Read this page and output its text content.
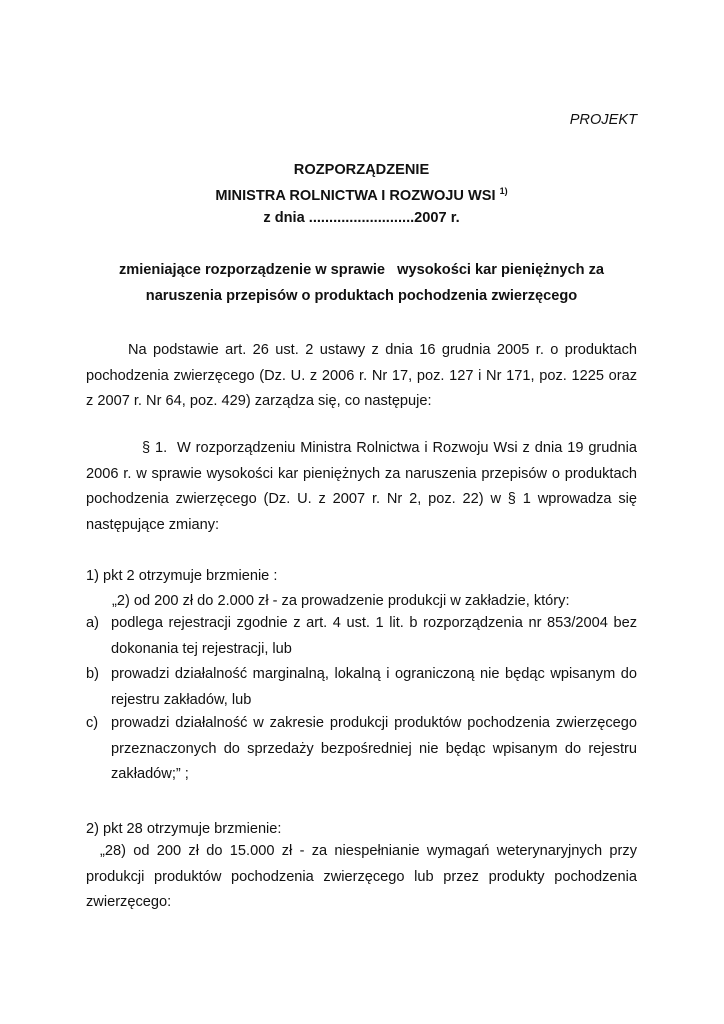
PROJEKT
ROZPORZĄDZENIE
MINISTRA ROLNICTWA I ROZWOJU WSI $^{1)}$
z dnia ..........................2007 r.
zmieniające rozporządzenie w sprawie   wysokości kar pieniężnych za
naruszenia przepisów o produktach pochodzenia zwierzęcego
Na podstawie art. 26 ust. 2 ustawy z dnia 16 grudnia 2005 r. o produktach pochodzenia zwierzęcego (Dz. U. z 2006 r. Nr 17, poz. 127 i Nr 171, poz. 1225 oraz z 2007 r. Nr 64, poz. 429) zarządza się, co następuje:
§ 1. W rozporządzeniu Ministra Rolnictwa i Rozwoju Wsi z dnia 19 grudnia 2006 r. w sprawie wysokości kar pieniężnych za naruszenia przepisów o produktach pochodzenia zwierzęcego (Dz. U. z 2007 r. Nr 2, poz. 22) w § 1 wprowadza się następujące zmiany:
1) pkt 2 otrzymuje brzmienie :
„2) od 200 zł do 2.000 zł - za prowadzenie produkcji w zakładzie, który:
a) podlega rejestracji zgodnie z art. 4 ust. 1 lit. b rozporządzenia nr 853/2004 bez dokonania tej rejestracji, lub
b) prowadzi działalność marginalną, lokalną i ograniczoną nie będąc wpisanym do rejestru zakładów, lub
c) prowadzi działalność w zakresie produkcji produktów pochodzenia zwierzęcego przeznaczonych do sprzedaży bezpośredniej nie będąc wpisanym do rejestru zakładów;” ;
2) pkt 28 otrzymuje brzmienie:
„28) od 200 zł do 15.000 zł - za niespełnianie wymagań weterynaryjnych przy produkcji produktów pochodzenia zwierzęcego lub przez produkty pochodzenia zwierzęcego:
